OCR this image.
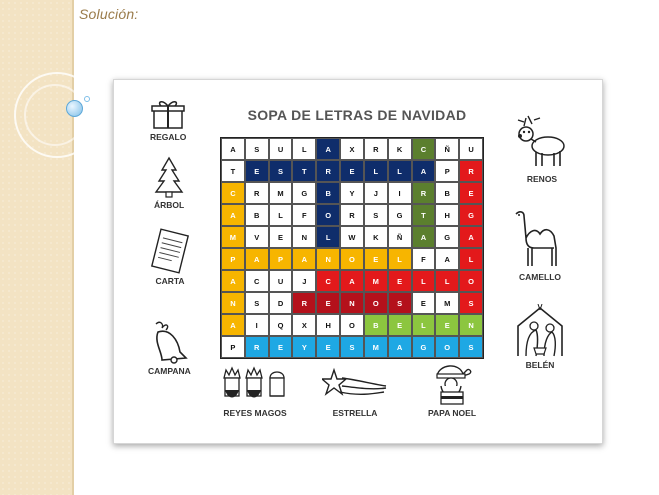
Solución:
SOPA DE LETRAS DE NAVIDAD
A	S	U	L	A	X	R	K	C	Ñ	U
T	E	S	T	R	E	L	L	A	P	R
C	R	M	G	B	Y	J	I	R	B	E
A	B	L	F	O	R	S	G	T	H	G
M	V	E	N	L	W	K	Ñ	A	G	A
P	A	P	A	N	O	E	L	F	A	L
A	C	U	J	C	A	M	E	L	L	O
N	S	D	R	E	N	O	S	E	M	S
A	I	Q	X	H	O	B	E	L	E	N
P	R	E	Y	E	S	M	A	G	O	S
REGALO
ÁRBOL
CARTA
CAMPANA
RENOS
CAMELLO
BELÉN
REYES MAGOS	ESTRELLA	PAPA NOEL
